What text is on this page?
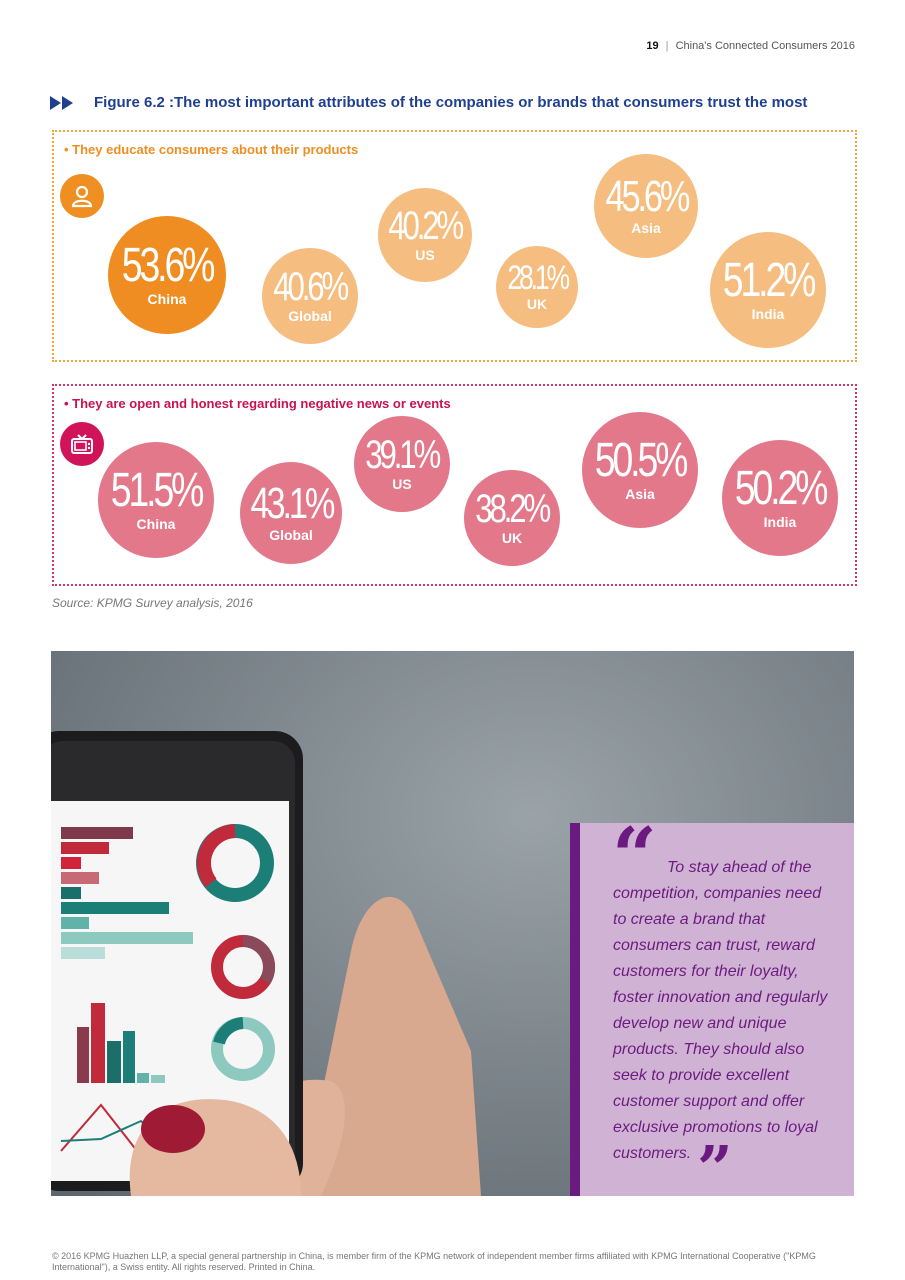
19 | China's Connected Consumers 2016
Figure 6.2 :The most important attributes of the companies or brands that consumers trust the most
• They educate consumers about their products
53.6%
China 40.6%
Global
40.2%
US
28.1%
UK
45.6%
Asia
51.2%
India
• They are open and honest regarding negative news or events
51.5%
China 43.1%
Global
39.1%
US
38.2%
UK
50.5%
Asia 50.2%
India
Source: KPMG Survey analysis, 2016
“ To stay ahead of the competition, companies need to create a brand that consumers can trust, reward customers for their loyalty, foster innovation and regularly develop new and unique products. They should also seek to provide excellent customer support and offer exclusive promotions to loyal customers. ”
© 2016 KPMG Huazhen LLP, a special general partnership in China, is member firm of the KPMG network of independent member firms affiliated with KPMG International Cooperative ("KPMG International"), a Swiss entity. All rights reserved. Printed in China.
